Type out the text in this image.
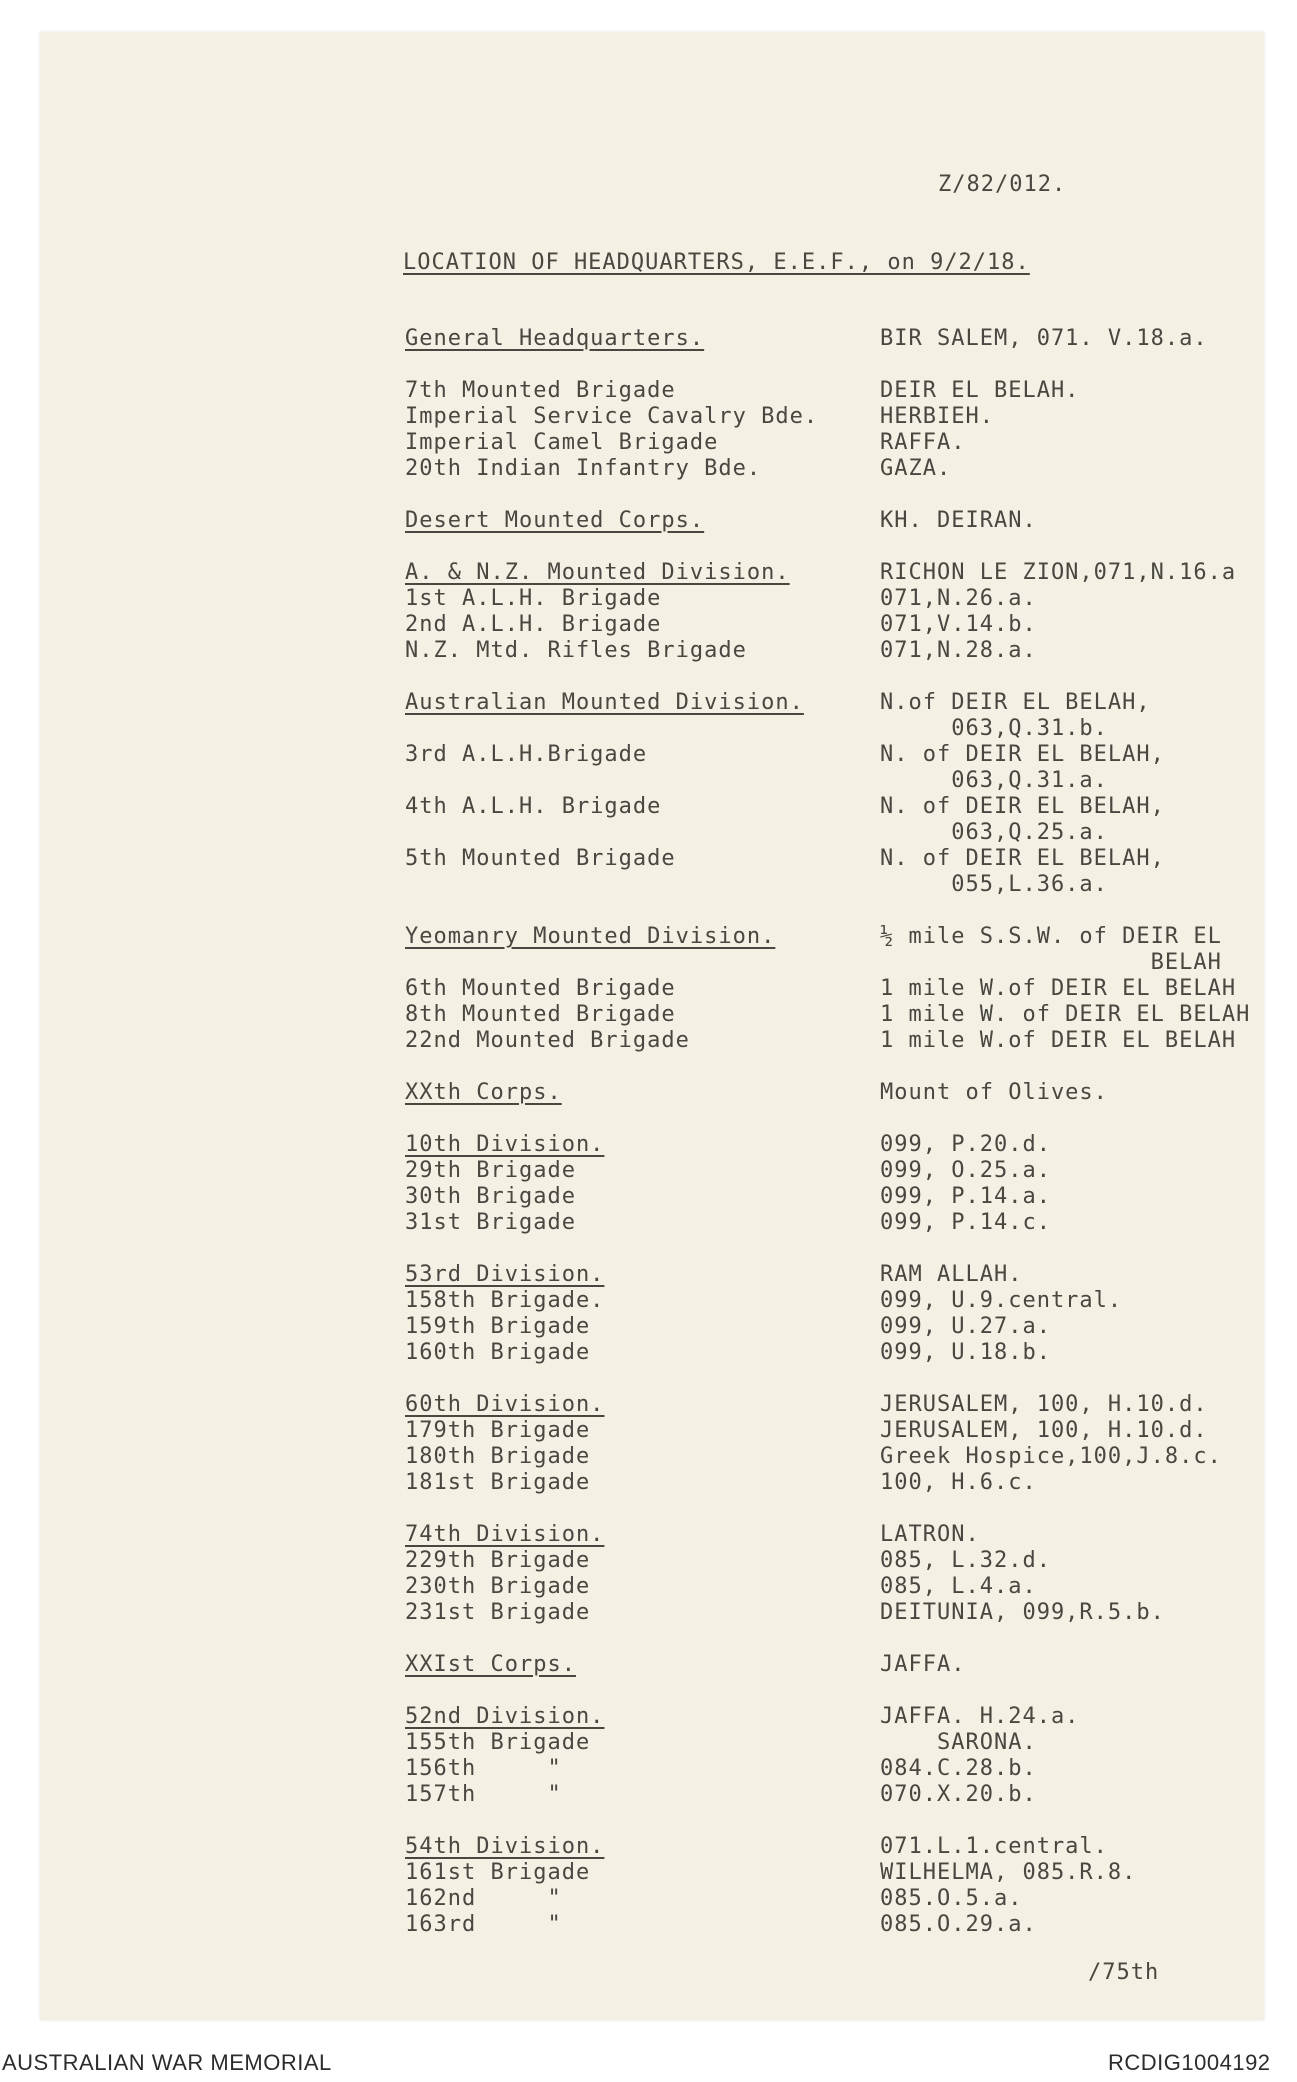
Z/82/012.
LOCATION OF HEADQUARTERS, E.E.F., on 9/2/18.
General Headquarters.	BIR SALEM, 071. V.18.a.
7th Mounted Brigade	DEIR EL BELAH.
Imperial Service Cavalry Bde.	HERBIEH.
Imperial Camel Brigade	RAFFA.
20th Indian Infantry Bde.	GAZA.
Desert Mounted Corps.	KH. DEIRAN.
A. & N.Z. Mounted Division.	RICHON LE ZION,071,N.16.a
1st A.L.H. Brigade	071,N.26.a.
2nd A.L.H. Brigade	071,V.14.b.
N.Z. Mtd. Rifles Brigade	071,N.28.a.
Australian Mounted Division.	N.of DEIR EL BELAH,
063,Q.31.b.
3rd A.L.H.Brigade	N. of DEIR EL BELAH,
063,Q.31.a.
4th A.L.H. Brigade	N. of DEIR EL BELAH,
063,Q.25.a.
5th Mounted Brigade	N. of DEIR EL BELAH,
055,L.36.a.
Yeomanry Mounted Division.	½ mile S.S.W. of DEIR EL
BELAH
6th Mounted Brigade	1 mile W.of DEIR EL BELAH
8th Mounted Brigade	1 mile W. of DEIR EL BELAH
22nd Mounted Brigade	1 mile W.of DEIR EL BELAH
XXth Corps.	Mount of Olives.
10th Division.	099, P.20.d.
29th Brigade	099, O.25.a.
30th Brigade	099, P.14.a.
31st Brigade	099, P.14.c.
53rd Division.	RAM ALLAH.
158th Brigade.	099, U.9.central.
159th Brigade	099, U.27.a.
160th Brigade	099, U.18.b.
60th Division.	JERUSALEM, 100, H.10.d.
179th Brigade	JERUSALEM, 100, H.10.d.
180th Brigade	Greek Hospice,100,J.8.c.
181st Brigade	100, H.6.c.
74th Division.	LATRON.
229th Brigade	085, L.32.d.
230th Brigade	085, L.4.a.
231st Brigade	DEITUNIA, 099,R.5.b.
XXIst Corps.	JAFFA.
52nd Division.	JAFFA. H.24.a.
155th Brigade	SARONA.
156th     "	084.C.28.b.
157th     "	070.X.20.b.
54th Division.	071.L.1.central.
161st Brigade	WILHELMA, 085.R.8.
162nd     "	085.O.5.a.
163rd     "	085.O.29.a.
/75th
AUSTRALIAN WAR MEMORIAL	RCDIG1004192
